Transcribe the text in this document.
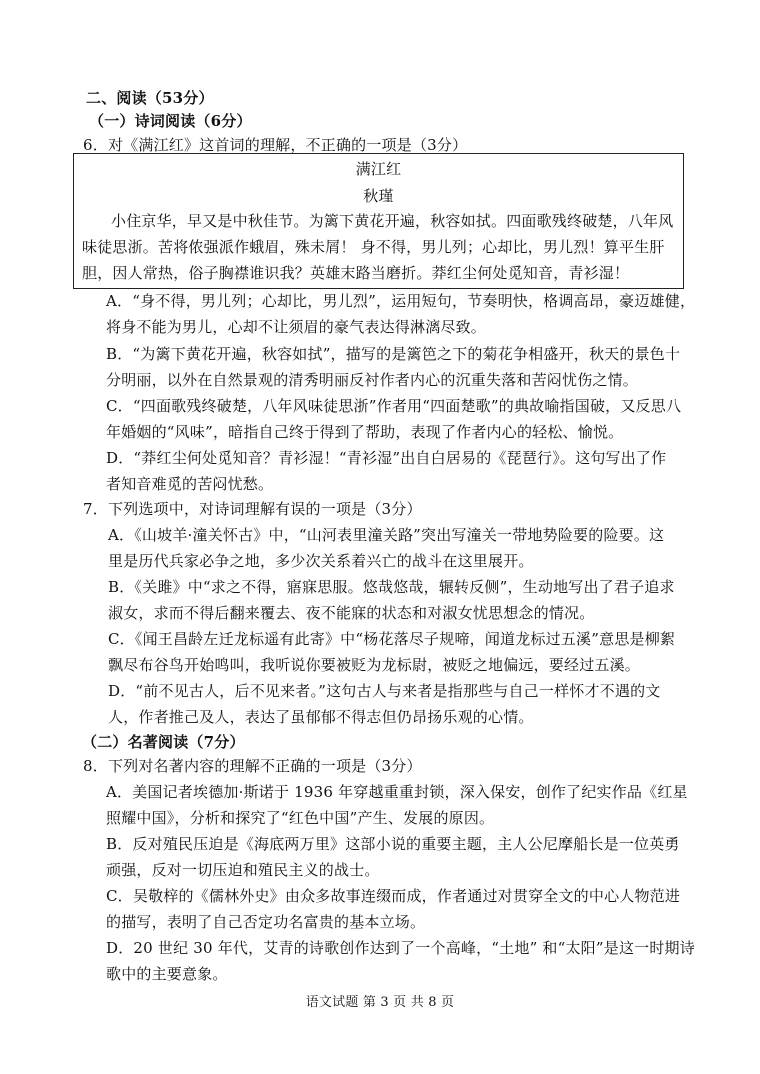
二、阅读（53分）
（一）诗词阅读（6分）
6．对《满江红》这首词的理解，不正确的一项是（3分）
满江红
秋瑾
小住京华，早又是中秋佳节。为篱下黄花开遍，秋容如拭。四面歌残终破楚，八年风
味徒思浙。苦将侬强派作蛾眉，殊未屑！ 身不得，男儿列；心却比，男儿烈！算平生肝
胆，因人常热，俗子胸襟谁识我？英雄末路当磨折。莽红尘何处觅知音，青衫湿！
A．“身不得，男儿列；心却比，男儿烈”，运用短句，节奏明快，格调高昂，豪迈雄健，
将身不能为男儿，心却不让须眉的豪气表达得淋漓尽致。
B．“为篱下黄花开遍，秋容如拭”，描写的是篱笆之下的菊花争相盛开，秋天的景色十
分明丽，以外在自然景观的清秀明丽反衬作者内心的沉重失落和苦闷忧伤之情。
C．“四面歌残终破楚，八年风味徒思浙”作者用“四面楚歌”的典故喻指国破，又反思八
年婚姻的“风味”，暗指自己终于得到了帮助，表现了作者内心的轻松、愉悦。
D．“莽红尘何处觅知音？青衫湿！“青衫湿”出自白居易的《琵琶行》。这句写出了作
者知音难觅的苦闷忧愁。
7．下列选项中，对诗词理解有误的一项是（3分）
A．《山坡羊·潼关怀古》中，“山河表里潼关路”突出写潼关一带地势险要的险要。这
里是历代兵家必争之地，多少次关系着兴亡的战斗在这里展开。
B．《关雎》中“求之不得，寤寐思服。悠哉悠哉，辗转反侧”，生动地写出了君子追求
淑女，求而不得后翻来覆去、夜不能寐的状态和对淑女忧思想念的情况。
C．《闻王昌龄左迁龙标遥有此寄》中“杨花落尽子规啼，闻道龙标过五溪”意思是柳絮
飘尽布谷鸟开始鸣叫，我听说你要被贬为龙标尉，被贬之地偏远，要经过五溪。
D．“前不见古人，后不见来者。”这句古人与来者是指那些与自己一样怀才不遇的文
人，作者推己及人，表达了虽郁郁不得志但仍昂扬乐观的心情。
（二）名著阅读（7分）
8．下列对名著内容的理解不正确的一项是（3分）
A．美国记者埃德加·斯诺于 1936 年穿越重重封锁，深入保安，创作了纪实作品《红星
照耀中国》，分析和探究了“红色中国”产生、发展的原因。
B．反对殖民压迫是《海底两万里》这部小说的重要主题，主人公尼摩船长是一位英勇
顽强，反对一切压迫和殖民主义的战士。
C．吴敬梓的《儒林外史》由众多故事连缀而成，作者通过对贯穿全文的中心人物范进
的描写，表明了自己否定功名富贵的基本立场。
D．20 世纪 30 年代，艾青的诗歌创作达到了一个高峰，“土地” 和“太阳”是这一时期诗
歌中的主要意象。
语文试题 第 3 页 共 8 页
